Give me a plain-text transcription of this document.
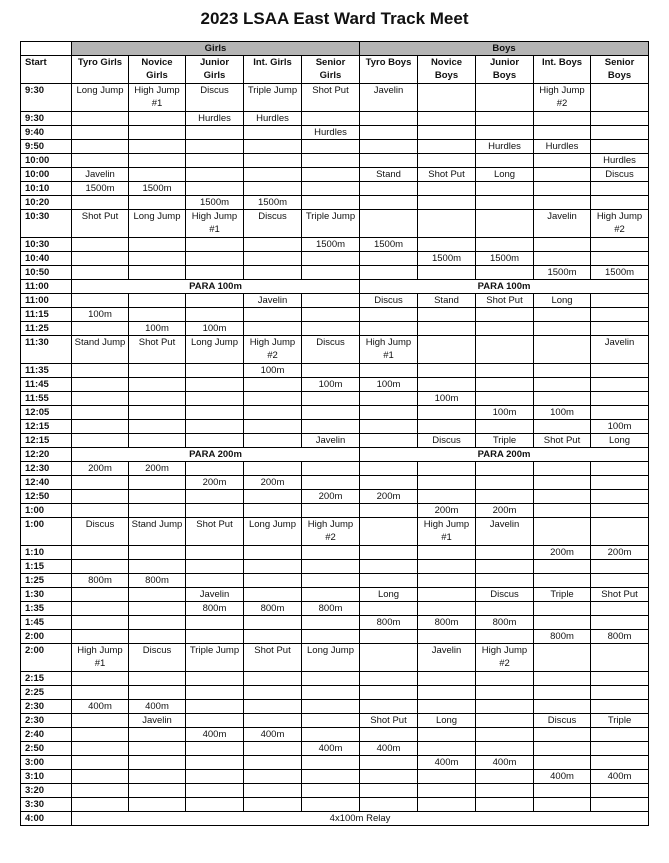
2023 LSAA East Ward Track Meet
	Girls					Boys				
Start	Tyro Girls	Novice Girls	Junior Girls	Int. Girls	Senior Girls	Tyro Boys	Novice Boys	Junior Boys	Int. Boys	Senior Boys
9:30	Long Jump	High Jump #1	Discus	Triple Jump	Shot Put	Javelin			High Jump #2	
9:30			Hurdles	Hurdles						
9:40					Hurdles					
9:50								Hurdles	Hurdles	
10:00										Hurdles
10:00	Javelin					Stand	Shot Put	Long		Discus
10:10	1500m	1500m								
10:20			1500m	1500m						
10:30	Shot Put	Long Jump	High Jump #1	Discus	Triple Jump				Javelin	High Jump #2
10:30					1500m	1500m				
10:40							1500m	1500m		
10:50									1500m	1500m
11:00	PARA 100m					PARA 100m				
11:00				Javelin		Discus	Stand	Shot Put	Long	
11:15	100m									
11:25		100m	100m							
11:30	Stand Jump	Shot Put	Long Jump	High Jump #2	Discus	High Jump #1				Javelin
11:35				100m						
11:45					100m	100m				
11:55							100m			
12:05								100m	100m	
12:15										100m
12:15					Javelin		Discus	Triple	Shot Put	Long
12:20	PARA 200m					PARA 200m				
12:30	200m	200m								
12:40			200m	200m						
12:50					200m	200m				
1:00							200m	200m		
1:00	Discus	Stand Jump	Shot Put	Long Jump	High Jump #2		High Jump #1	Javelin		
1:10									200m	200m
1:15										
1:25	800m	800m								
1:30			Javelin			Long		Discus	Triple	Shot Put
1:35			800m	800m	800m					
1:45						800m	800m	800m		
2:00									800m	800m
2:00	High Jump #1	Discus	Triple Jump	Shot Put	Long Jump		Javelin	High Jump #2		
2:15										
2:25										
2:30	400m	400m								
2:30		Javelin				Shot Put	Long		Discus	Triple
2:40			400m	400m						
2:50					400m	400m				
3:00							400m	400m		
3:10									400m	400m
3:20										
3:30										
4:00	4x100m Relay									
